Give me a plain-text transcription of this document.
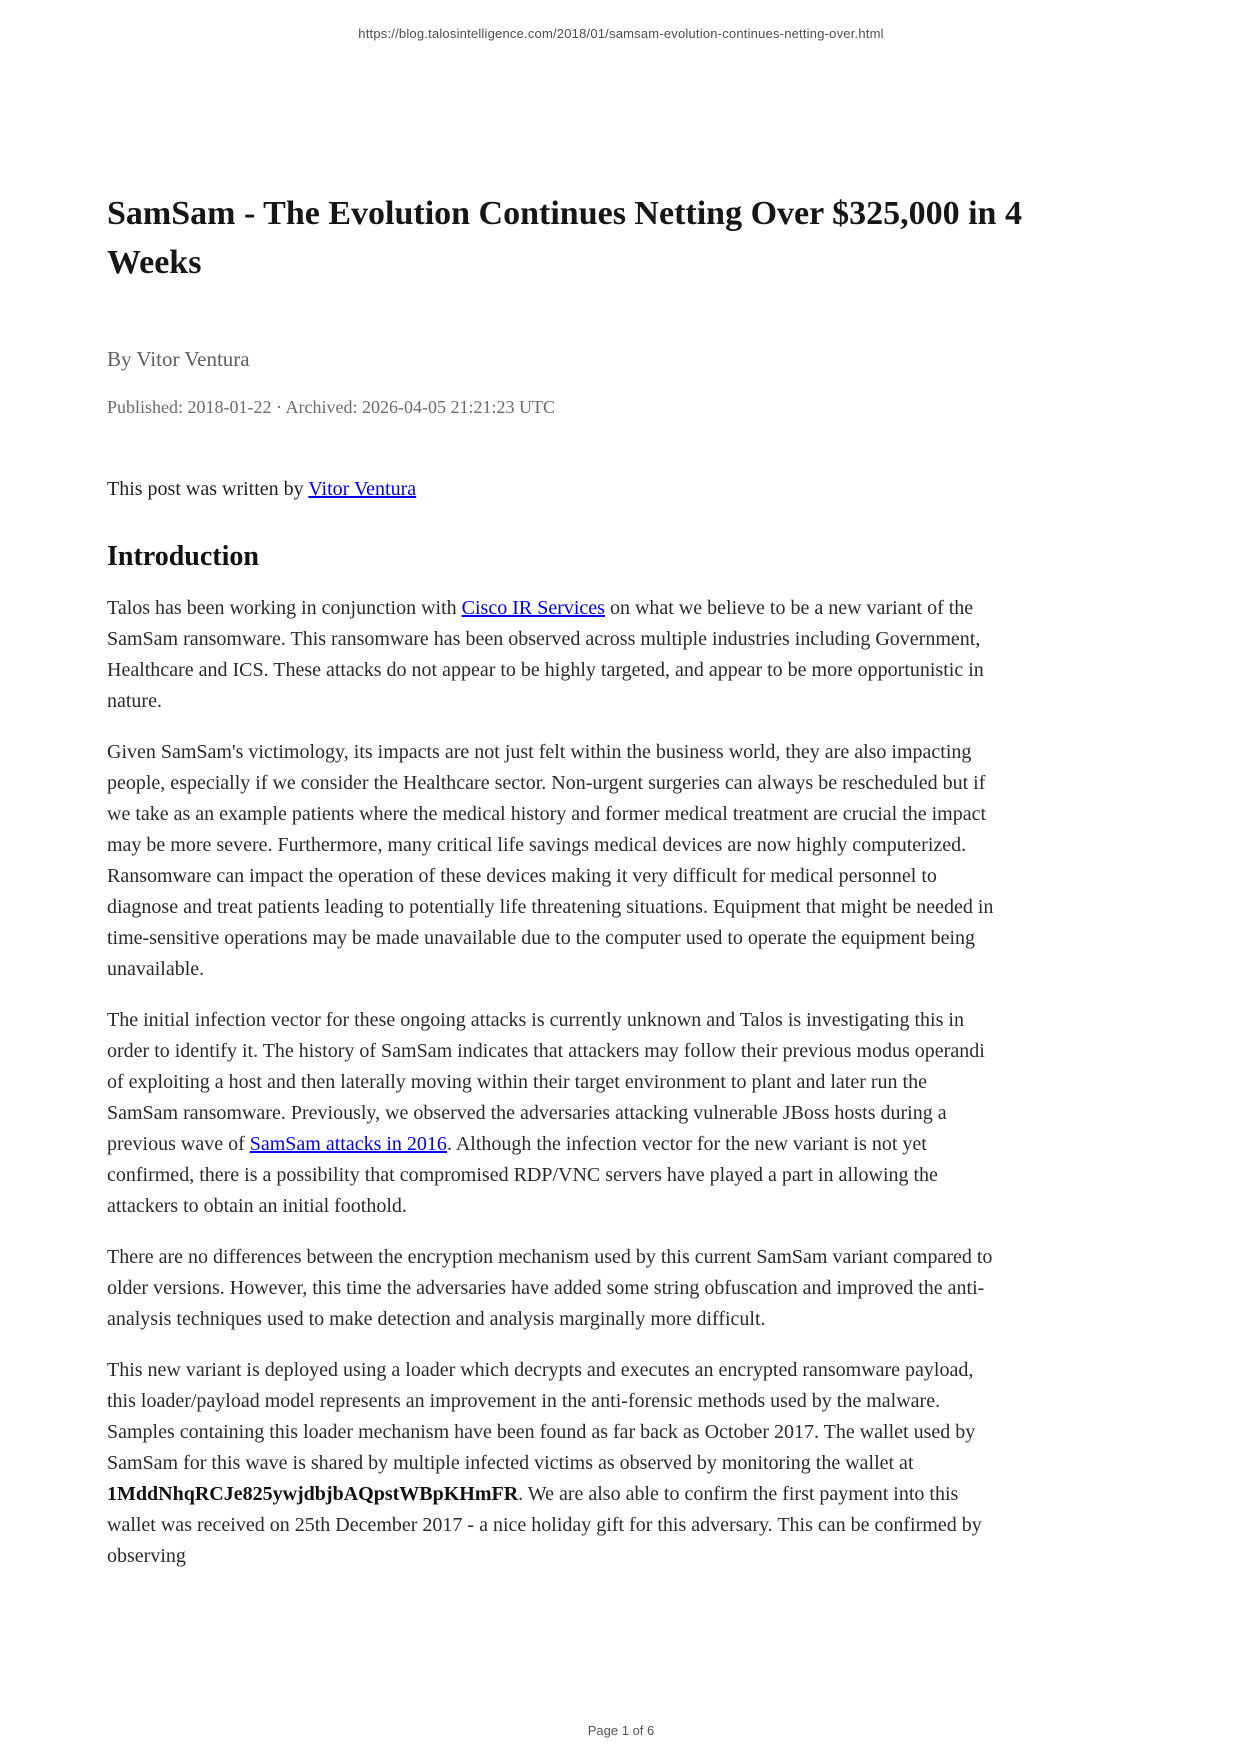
https://blog.talosintelligence.com/2018/01/samsam-evolution-continues-netting-over.html
SamSam - The Evolution Continues Netting Over $325,000 in 4 Weeks
By Vitor Ventura
Published: 2018-01-22 · Archived: 2026-04-05 21:21:23 UTC
This post was written by Vitor Ventura
Introduction

Talos has been working in conjunction with Cisco IR Services on what we believe to be a new variant of the SamSam ransomware. This ransomware has been observed across multiple industries including Government, Healthcare and ICS. These attacks do not appear to be highly targeted, and appear to be more opportunistic in nature.

Given SamSam's victimology, its impacts are not just felt within the business world, they are also impacting people, especially if we consider the Healthcare sector. Non-urgent surgeries can always be rescheduled but if we take as an example patients where the medical history and former medical treatment are crucial the impact may be more severe. Furthermore, many critical life savings medical devices are now highly computerized. Ransomware can impact the operation of these devices making it very difficult for medical personnel to diagnose and treat patients leading to potentially life threatening situations. Equipment that might be needed in time-sensitive operations may be made unavailable due to the computer used to operate the equipment being unavailable.

The initial infection vector for these ongoing attacks is currently unknown and Talos is investigating this in order to identify it. The history of SamSam indicates that attackers may follow their previous modus operandi of exploiting a host and then laterally moving within their target environment to plant and later run the SamSam ransomware. Previously, we observed the adversaries attacking vulnerable JBoss hosts during a previous wave of SamSam attacks in 2016. Although the infection vector for the new variant is not yet confirmed, there is a possibility that compromised RDP/VNC servers have played a part in allowing the attackers to obtain an initial foothold.

There are no differences between the encryption mechanism used by this current SamSam variant compared to older versions. However, this time the adversaries have added some string obfuscation and improved the anti-analysis techniques used to make detection and analysis marginally more difficult.

This new variant is deployed using a loader which decrypts and executes an encrypted ransomware payload, this loader/payload model represents an improvement in the anti-forensic methods used by the malware. Samples containing this loader mechanism have been found as far back as October 2017. The wallet used by SamSam for this wave is shared by multiple infected victims as observed by monitoring the wallet at 1MddNhqRCJe825ywjdbjbAQpstWBpKHmFR. We are also able to confirm the first payment into this wallet was received on 25th December 2017 - a nice holiday gift for this adversary. This can be confirmed by observing

Page 1 of 6
